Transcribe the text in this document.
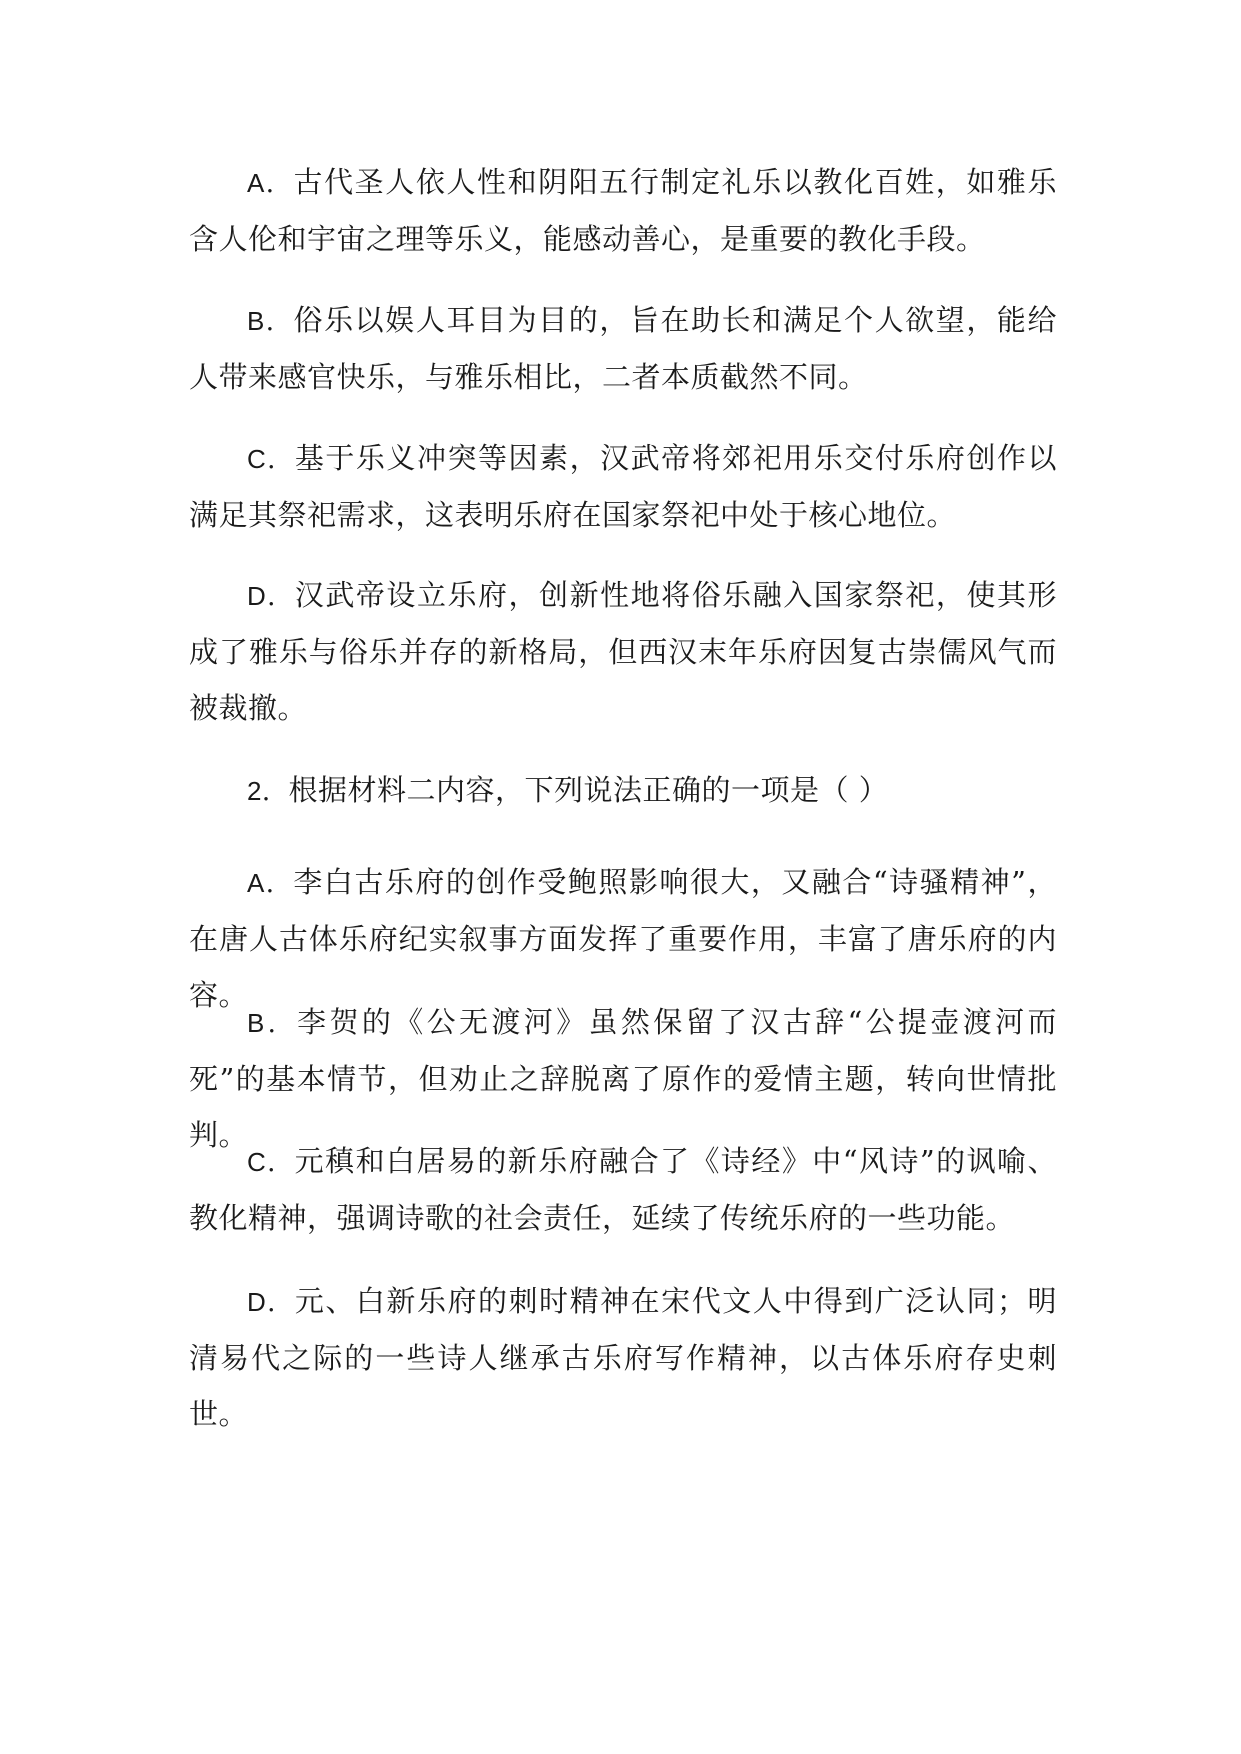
A．古代圣人依人性和阴阳五行制定礼乐以教化百姓，如雅乐含人伦和宇宙之理等乐义，能感动善心，是重要的教化手段。

B．俗乐以娱人耳目为目的，旨在助长和满足个人欲望，能给人带来感官快乐，与雅乐相比，二者本质截然不同。

C．基于乐义冲突等因素，汉武帝将郊祀用乐交付乐府创作以满足其祭祀需求，这表明乐府在国家祭祀中处于核心地位。

D．汉武帝设立乐府，创新性地将俗乐融入国家祭祀，使其形成了雅乐与俗乐并存的新格局，但西汉末年乐府因复古崇儒风气而被裁撤。

2．根据材料二内容，下列说法正确的一项是（ ）

A．李白古乐府的创作受鲍照影响很大，又融合“诗骚精神”，在唐人古体乐府纪实叙事方面发挥了重要作用，丰富了唐乐府的内容。

B．李贺的《公无渡河》虽然保留了汉古辞“公提壶渡河而死”的基本情节，但劝止之辞脱离了原作的爱情主题，转向世情批判。

C．元稹和白居易的新乐府融合了《诗经》中“风诗”的讽喻、教化精神，强调诗歌的社会责任，延续了传统乐府的一些功能。

D．元、白新乐府的刺时精神在宋代文人中得到广泛认同；明清易代之际的一些诗人继承古乐府写作精神，以古体乐府存史刺世。
